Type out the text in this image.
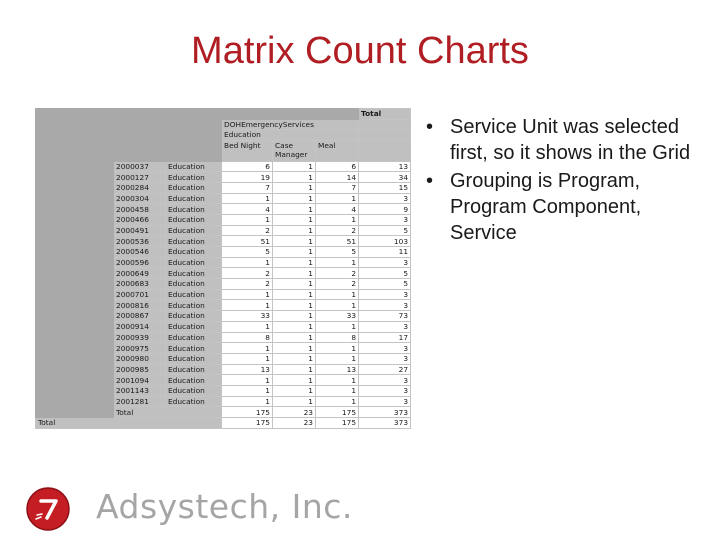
Matrix Count Charts
						Total
			DOHEmergencyServices			
			Education			
			Bed Night	Case Manager	Meal	
	2000037	Education	6	1	6	13
	2000127	Education	19	1	14	34
	2000284	Education	7	1	7	15
	2000304	Education	1	1	1	3
	2000458	Education	4	1	4	9
	2000466	Education	1	1	1	3
	2000491	Education	2	1	2	5
	2000536	Education	51	1	51	103
	2000546	Education	5	1	5	11
	2000596	Education	1	1	1	3
	2000649	Education	2	1	2	5
	2000683	Education	2	1	2	5
	2000701	Education	1	1	1	3
	2000816	Education	1	1	1	3
	2000867	Education	33	1	33	73
	2000914	Education	1	1	1	3
	2000939	Education	8	1	8	17
	2000975	Education	1	1	1	3
	2000980	Education	1	1	1	3
	2000985	Education	13	1	13	27
	2001094	Education	1	1	1	3
	2001143	Education	1	1	1	3
	2001281	Education	1	1	1	3
	Total		175	23	175	373
Total			175	23	175	373
• Service Unit was selected first, so it shows in the Grid
• Grouping is Program, Program Component, Service
Adsystech, Inc.
